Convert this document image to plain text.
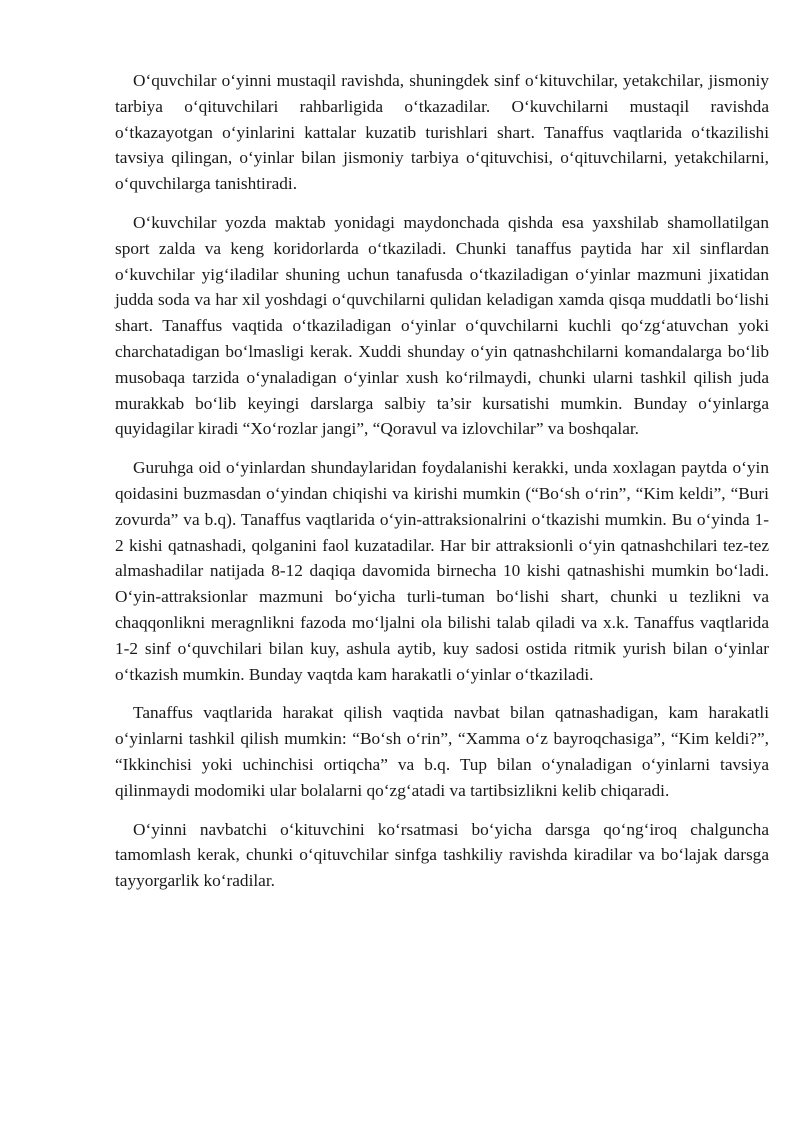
O‘quvchilar o‘yinni mustaqil ravishda, shuningdek sinf o‘kituvchilar, yetakchilar, jismoniy tarbiya o‘qituvchilari rahbarligida o‘tkazadilar. O‘kuvchilarni mustaqil ravishda o‘tkazayotgan o‘yinlarini kattalar kuzatib turishlari shart. Tanaffus vaqtlarida o‘tkazilishi tavsiya qilingan, o‘yinlar bilan jismoniy tarbiya o‘qituvchisi, o‘qituvchilarni, yetakchilarni, o‘quvchilarga tanishtiradi.

O‘kuvchilar yozda maktab yonidagi maydonchada qishda esa yaxshilab shamollatilgan sport zalda va keng koridorlarda o‘tkaziladi. Chunki tanaffus paytida har xil sinflardan o‘kuvchilar yig‘iladilar shuning uchun tanafusda o‘tkaziladigan o‘yinlar mazmuni jixatidan judda soda va har xil yoshdagi o‘quvchilarni qulidan keladigan xamda qisqa muddatli bo‘lishi shart. Tanaffus vaqtida o‘tkaziladigan o‘yinlar o‘quvchilarni kuchli qo‘zg‘atuvchan yoki charchatadigan bo‘lmasligi kerak. Xuddi shunday o‘yin qatnashchilarni komandalarga bo‘lib musobaqa tarzida o‘ynaladigan o‘yinlar xush ko‘rilmaydi, chunki ularni tashkil qilish juda murakkab bo‘lib keyingi darslarga salbiy ta’sir kursatishi mumkin. Bunday o‘yinlarga quyidagilar kiradi “Xo‘rozlar jangi”, “Qoravul va izlovchilar” va boshqalar.

Guruhga oid o‘yinlardan shundaylaridan foydalanishi kerakki, unda xoxlagan paytda o‘yin qoidasini buzmasdan o‘yindan chiqishi va kirishi mumkin (“Bo‘sh o‘rin”, “Kim keldi”, “Buri zovurda” va b.q). Tanaffus vaqtlarida o‘yin-attraksionalrini o‘tkazishi mumkin. Bu o‘yinda 1-2 kishi qatnashadi, qolganini faol kuzatadilar. Har bir attraksionli o‘yin qatnashchilari tez-tez almashadilar natijada 8-12 daqiqa davomida birnecha 10 kishi qatnashishi mumkin bo‘ladi. O‘yin-attraksionlar mazmuni bo‘yicha turli-tuman bo‘lishi shart, chunki u tezlikni va chaqqonlikni meragnlikni fazoda mo‘ljalni ola bilishi talab qiladi va x.k. Tanaffus vaqtlarida 1-2 sinf o‘quvchilari bilan kuy, ashula aytib, kuy sadosi ostida ritmik yurish bilan o‘yinlar o‘tkazish mumkin. Bunday vaqtda kam harakatli o‘yinlar o‘tkaziladi.

Tanaffus vaqtlarida harakat qilish vaqtida navbat bilan qatnashadigan, kam harakatli o‘yinlarni tashkil qilish mumkin: “Bo‘sh o‘rin”, “Xamma o‘z bayroqchasiga”, “Kim keldi?”, “Ikkinchisi yoki uchinchisi ortiqcha” va b.q. Tup bilan o‘ynaladigan o‘yinlarni tavsiya qilinmaydi modomiki ular bolalarni qo‘zg‘atadi va tartibsizlikni kelib chiqaradi.

O‘yinni navbatchi o‘kituvchini ko‘rsatmasi bo‘yicha darsga qo‘ng‘iroq chalguncha tamomlash kerak, chunki o‘qituvchilar sinfga tashkiliy ravishda kiradilar va bo‘lajak darsga tayyorgarlik ko‘radilar.
